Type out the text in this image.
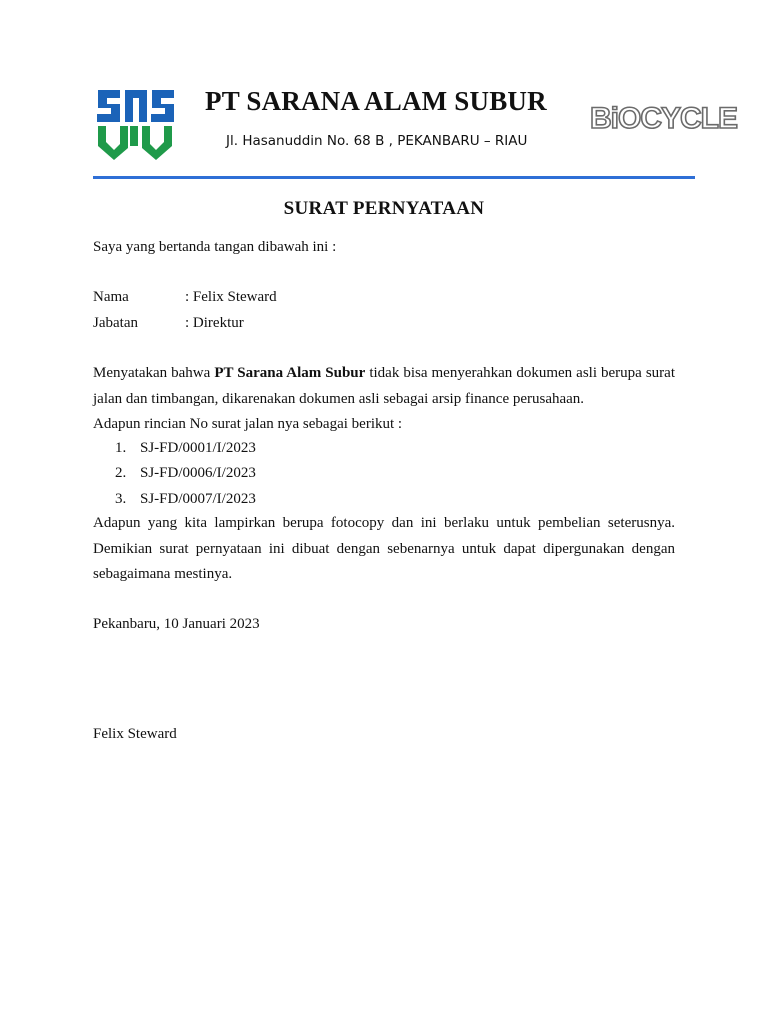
PT SARANA ALAM SUBUR
Jl. Hasanuddin No. 68 B , PEKANBARU – RIAU
BiOCYCLE
SURAT PERNYATAAN
Saya yang bertanda tangan dibawah ini :
Nama	: Felix Steward
Jabatan	: Direktur
Menyatakan bahwa PT Sarana Alam Subur tidak bisa menyerahkan dokumen asli berupa surat jalan dan timbangan, dikarenakan dokumen asli sebagai arsip finance perusahaan.
Adapun rincian No surat jalan nya sebagai berikut :
1. SJ-FD/0001/I/2023
2. SJ-FD/0006/I/2023
3. SJ-FD/0007/I/2023
Adapun yang kita lampirkan berupa fotocopy dan ini berlaku untuk pembelian seterusnya. Demikian surat pernyataan ini dibuat dengan sebenarnya untuk dapat dipergunakan dengan sebagaimana mestinya.
Pekanbaru, 10 Januari 2023
Felix Steward
